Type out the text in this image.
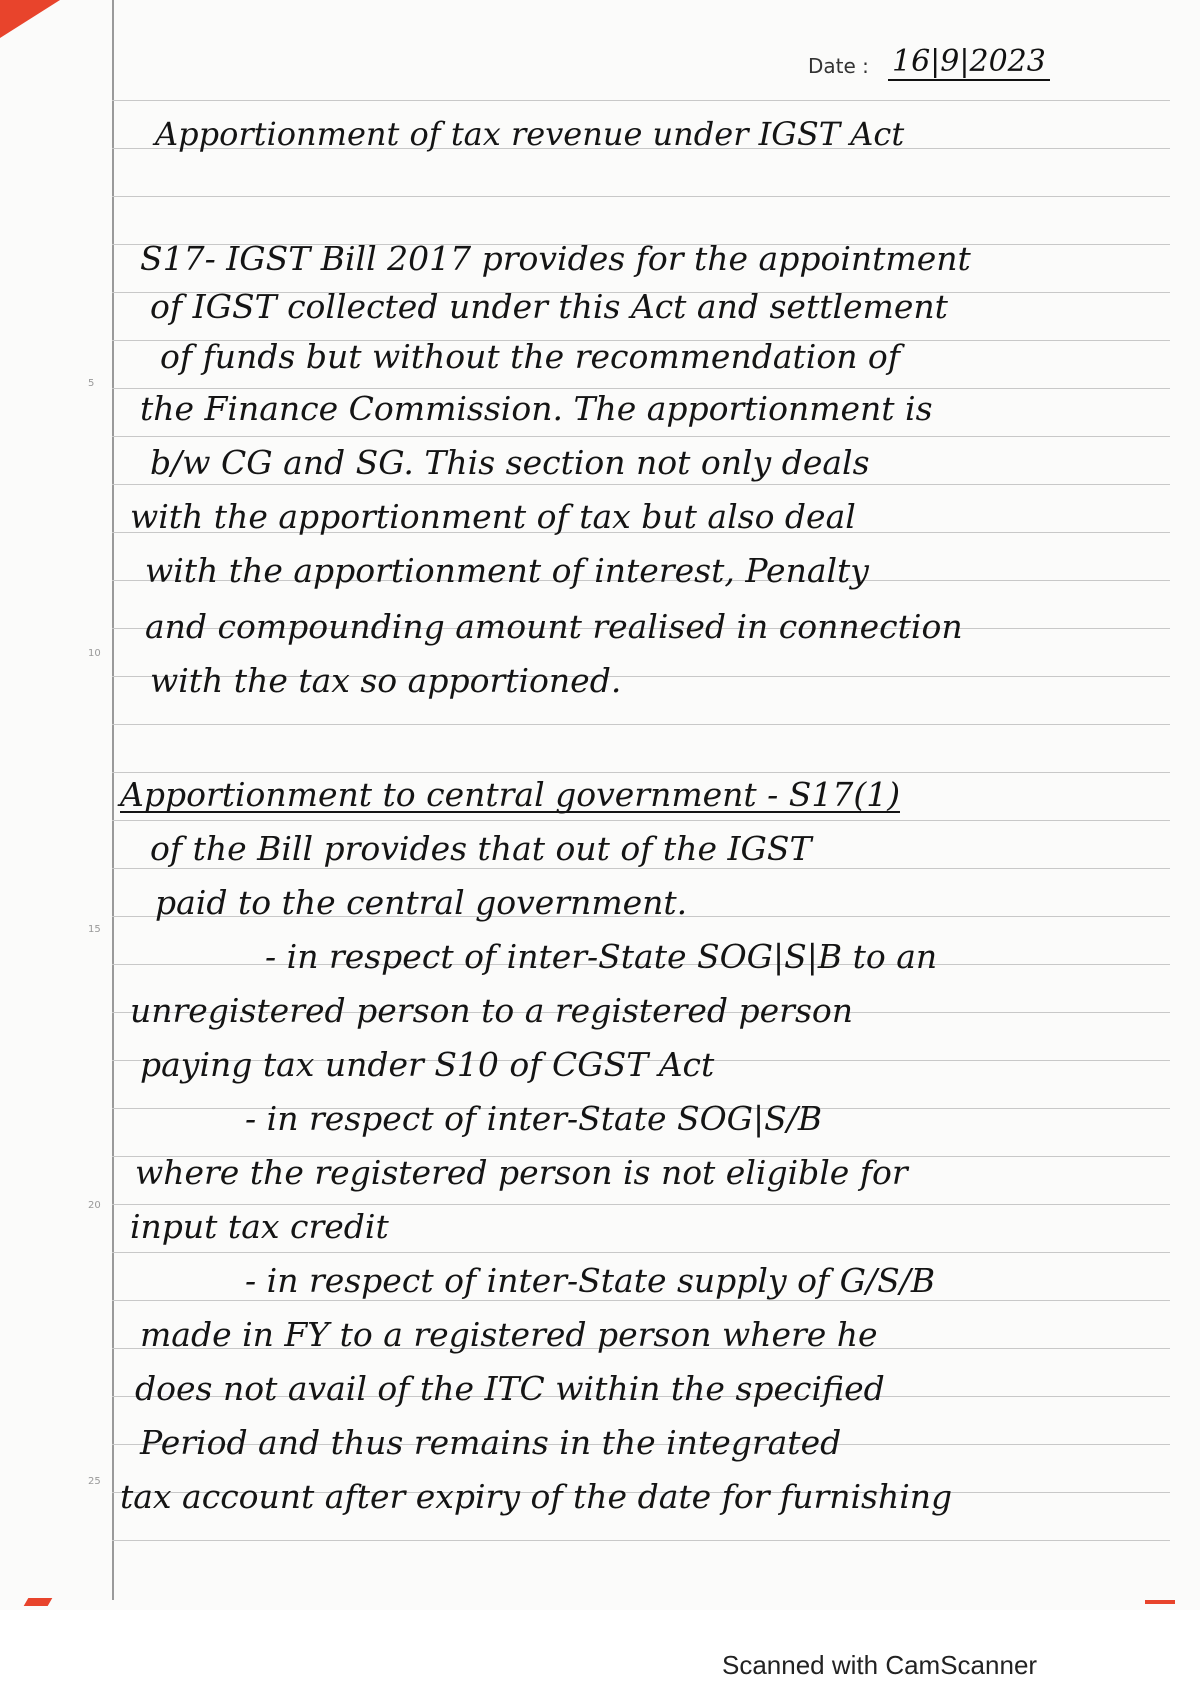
5
10
15
20
25
Date : 16|9|2023
Apportionment of tax revenue under IGST Act
S17- IGST Bill 2017 provides for the appointment
of IGST collected under this Act and settlement
of funds but without the recommendation of
the Finance Commission. The apportionment is
b/w CG and SG. This section not only deals
with the apportionment of tax but also deal
with the apportionment of interest, Penalty
and compounding amount realised in connection
with the tax so apportioned.
Apportionment to central government - S17(1)
of the Bill provides that out of the IGST
paid to the central government.
- in respect of inter-State SOG|S|B to an
unregistered person to a registered person
paying tax under S10 of CGST Act
- in respect of inter-State SOG|S/B
where the registered person is not eligible for
input tax credit
- in respect of inter-State supply of G/S/B
made in FY to a registered person where he
does not avail of the ITC within the specified
Period and thus remains in the integrated
tax account after expiry of the date for furnishing
Scanned with CamScanner
